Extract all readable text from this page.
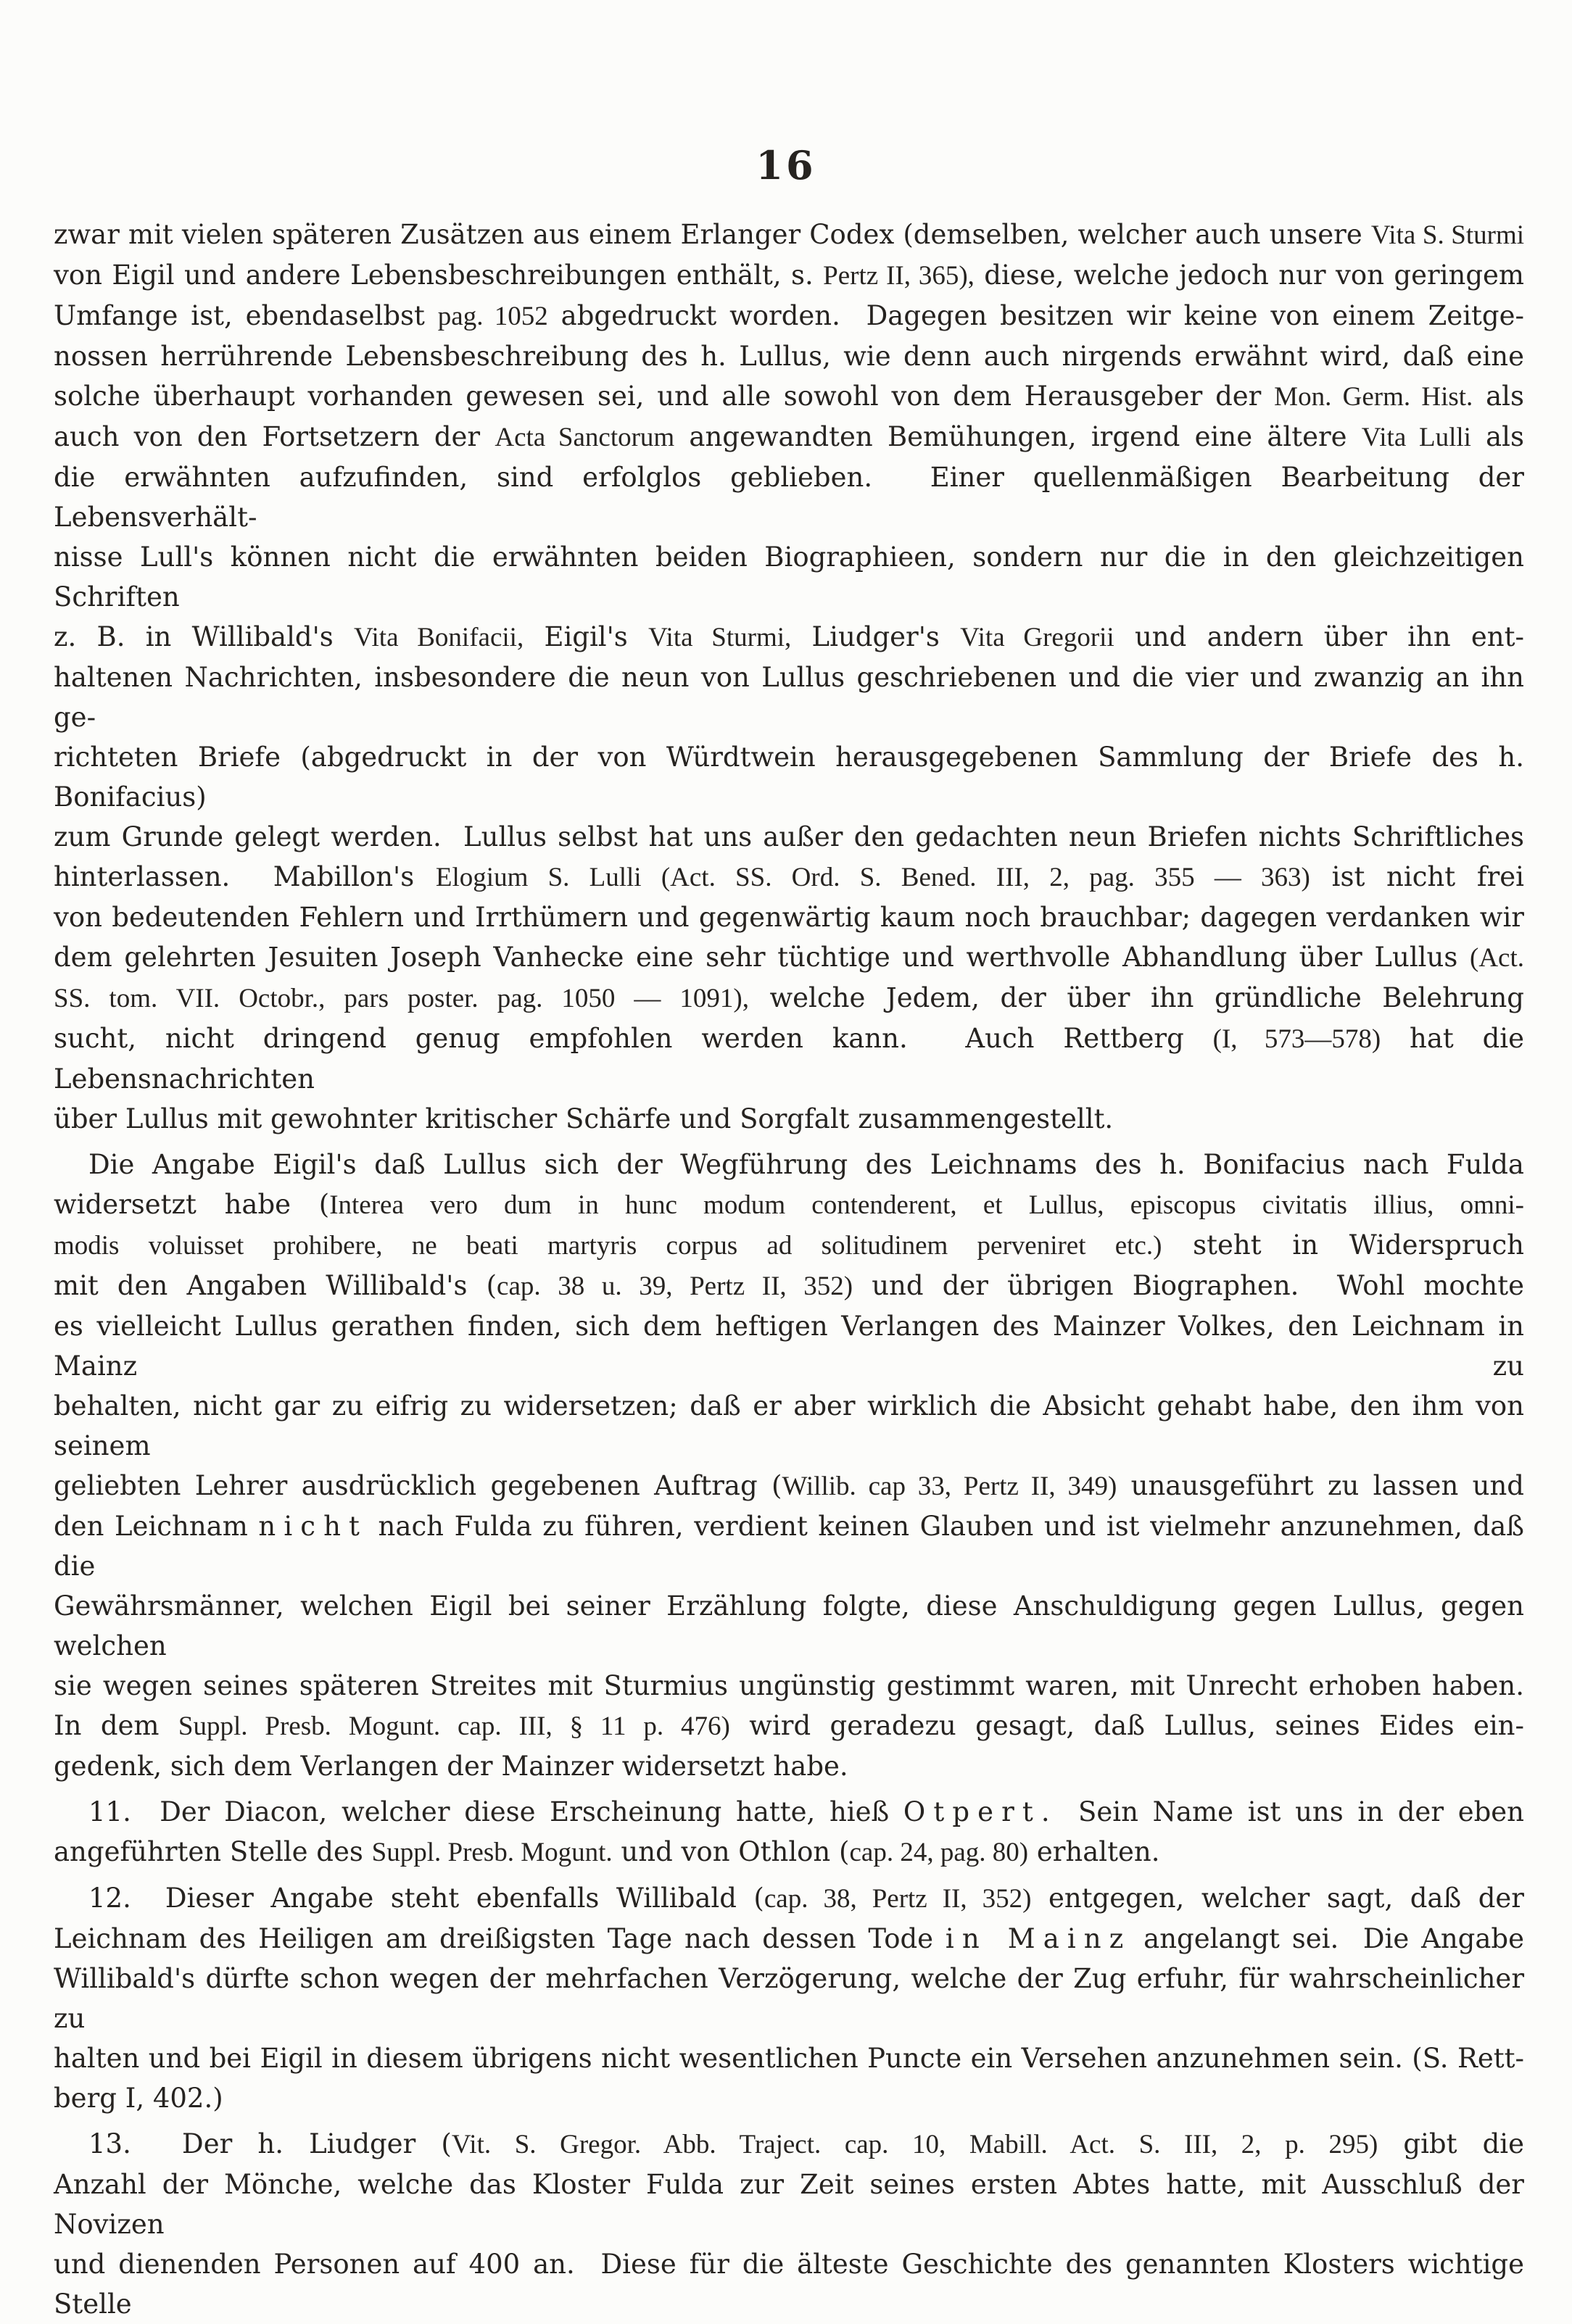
16
zwar mit vielen späteren Zusätzen aus einem Erlanger Codex (demselben, welcher auch unsere Vita S. Sturmi
von Eigil und andere Lebensbeschreibungen enthält, s. Pertz II, 365), diese, welche jedoch nur von geringem
Umfange ist, ebendaselbst pag. 1052 abgedruckt worden.  Dagegen besitzen wir keine von einem Zeitge-
nossen herrührende Lebensbeschreibung des h. Lullus, wie denn auch nirgends erwähnt wird, daß eine
solche überhaupt vorhanden gewesen sei, und alle sowohl von dem Herausgeber der Mon. Germ. Hist. als
auch von den Fortsetzern der Acta Sanctorum angewandten Bemühungen, irgend eine ältere Vita Lulli als
die erwähnten aufzufinden, sind erfolglos geblieben.  Einer quellenmäßigen Bearbeitung der Lebensverhält-
nisse Lull's können nicht die erwähnten beiden Biographieen, sondern nur die in den gleichzeitigen Schriften
z. B. in Willibald's Vita Bonifacii, Eigil's Vita Sturmi, Liudger's Vita Gregorii und andern über ihn ent-
haltenen Nachrichten, insbesondere die neun von Lullus geschriebenen und die vier und zwanzig an ihn ge-
richteten Briefe (abgedruckt in der von Würdtwein herausgegebenen Sammlung der Briefe des h. Bonifacius)
zum Grunde gelegt werden.  Lullus selbst hat uns außer den gedachten neun Briefen nichts Schriftliches
hinterlassen.  Mabillon's Elogium S. Lulli (Act. SS. Ord. S. Bened. III, 2, pag. 355 — 363) ist nicht frei
von bedeutenden Fehlern und Irrthümern und gegenwärtig kaum noch brauchbar; dagegen verdanken wir
dem gelehrten Jesuiten Joseph Vanhecke eine sehr tüchtige und werthvolle Abhandlung über Lullus (Act.
SS. tom. VII. Octobr., pars poster. pag. 1050 — 1091), welche Jedem, der über ihn gründliche Belehrung
sucht, nicht dringend genug empfohlen werden kann.  Auch Rettberg (I, 573—578) hat die Lebensnachrichten
über Lullus mit gewohnter kritischer Schärfe und Sorgfalt zusammengestellt.
Die Angabe Eigil's daß Lullus sich der Wegführung des Leichnams des h. Bonifacius nach Fulda
widersetzt habe (Interea vero dum in hunc modum contenderent, et Lullus, episcopus civitatis illius, omni-
modis voluisset prohibere, ne beati martyris corpus ad solitudinem perveniret etc.) steht in Widerspruch
mit den Angaben Willibald's (cap. 38 u. 39, Pertz II, 352) und der übrigen Biographen.  Wohl mochte
es vielleicht Lullus gerathen finden, sich dem heftigen Verlangen des Mainzer Volkes, den Leichnam in Mainz zu
behalten, nicht gar zu eifrig zu widersetzen; daß er aber wirklich die Absicht gehabt habe, den ihm von seinem
geliebten Lehrer ausdrücklich gegebenen Auftrag (Willib. cap 33, Pertz II, 349) unausgeführt zu lassen und
den Leichnam nicht nach Fulda zu führen, verdient keinen Glauben und ist vielmehr anzunehmen, daß die
Gewährsmänner, welchen Eigil bei seiner Erzählung folgte, diese Anschuldigung gegen Lullus, gegen welchen
sie wegen seines späteren Streites mit Sturmius ungünstig gestimmt waren, mit Unrecht erhoben haben.
In dem Suppl. Presb. Mogunt. cap. III, § 11 p. 476) wird geradezu gesagt, daß Lullus, seines Eides ein-
gedenk, sich dem Verlangen der Mainzer widersetzt habe.
11.  Der Diacon, welcher diese Erscheinung hatte, hieß Otpert.  Sein Name ist uns in der eben
angeführten Stelle des Suppl. Presb. Mogunt. und von Othlon (cap. 24, pag. 80) erhalten.
12.  Dieser Angabe steht ebenfalls Willibald (cap. 38, Pertz II, 352) entgegen, welcher sagt, daß der
Leichnam des Heiligen am dreißigsten Tage nach dessen Tode in Mainz angelangt sei.  Die Angabe
Willibald's dürfte schon wegen der mehrfachen Verzögerung, welche der Zug erfuhr, für wahrscheinlicher zu
halten und bei Eigil in diesem übrigens nicht wesentlichen Puncte ein Versehen anzunehmen sein. (S. Rett-
berg I, 402.)
13.  Der h. Liudger (Vit. S. Gregor. Abb. Traject. cap. 10, Mabill. Act. S. III, 2, p. 295) gibt die
Anzahl der Mönche, welche das Kloster Fulda zur Zeit seines ersten Abtes hatte, mit Ausschluß der Novizen
und dienenden Personen auf 400 an.  Diese für die älteste Geschichte des genannten Klosters wichtige Stelle
